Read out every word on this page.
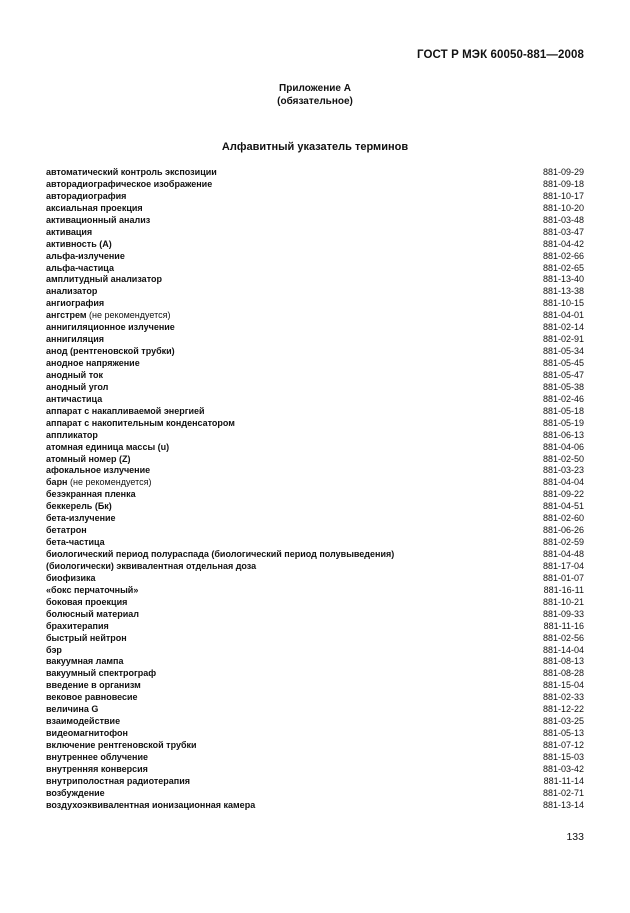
ГОСТ Р МЭК 60050-881—2008
Приложение А
(обязательное)
Алфавитный указатель терминов
автоматический контроль экспозиции	881-09-29
авторадиографическое изображение	881-09-18
авторадиография	881-10-17
аксиальная проекция	881-10-20
активационный анализ	881-03-48
активация	881-03-47
активность (A)	881-04-42
альфа-излучение	881-02-66
альфа-частица	881-02-65
амплитудный анализатор	881-13-40
анализатор	881-13-38
ангиография	881-10-15
ангстрем (не рекомендуется)	881-04-01
аннигиляционное излучение	881-02-14
аннигиляция	881-02-91
анод (рентгеновской трубки)	881-05-34
анодное напряжение	881-05-45
анодный ток	881-05-47
анодный угол	881-05-38
античастица	881-02-46
аппарат с накапливаемой энергией	881-05-18
аппарат с накопительным конденсатором	881-05-19
аппликатор	881-06-13
атомная единица массы (u)	881-04-06
атомный номер (Z)	881-02-50
афокальное излучение	881-03-23
барн (не рекомендуется)	881-04-04
безэкранная пленка	881-09-22
беккерель (Бк)	881-04-51
бета-излучение	881-02-60
бетатрон	881-06-26
бета-частица	881-02-59
биологический период полураспада (биологический период полувыведения)	881-04-48
(биологически) эквивалентная отдельная доза	881-17-04
биофизика	881-01-07
«бокс перчаточный»	881-16-11
боковая проекция	881-10-21
болюсный материал	881-09-33
брахитерапия	881-11-16
быстрый нейтрон	881-02-56
бэр	881-14-04
вакуумная лампа	881-08-13
вакуумный спектрограф	881-08-28
введение в организм	881-15-04
вековое равновесие	881-02-33
величина G	881-12-22
взаимодействие	881-03-25
видеомагнитофон	881-05-13
включение рентгеновской трубки	881-07-12
внутреннее облучение	881-15-03
внутренняя конверсия	881-03-42
внутриполостная радиотерапия	881-11-14
возбуждение	881-02-71
воздухоэквивалентная ионизационная камера	881-13-14
133
